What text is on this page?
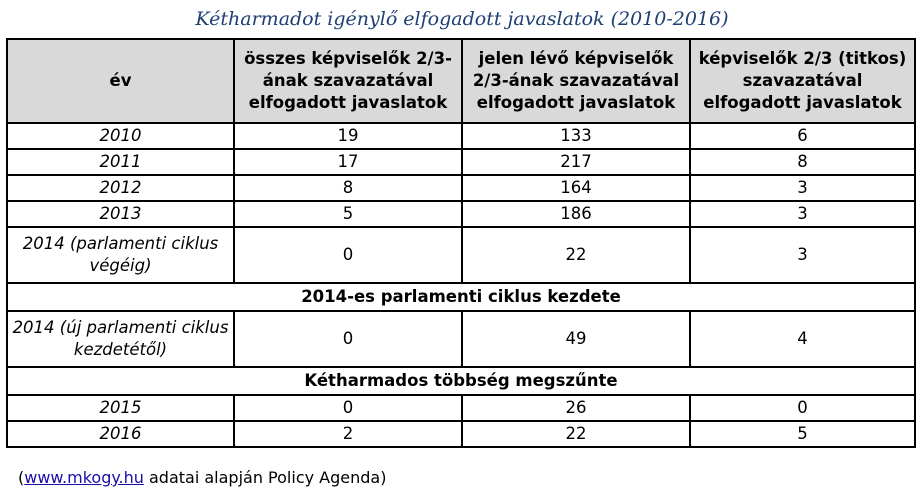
Kétharmadot igénylő elfogadott javaslatok (2010-2016)
év	összes képviselők 2/3-ának szavazatával elfogadott javaslatok	jelen lévő képviselők 2/3-ának szavazatával elfogadott javaslatok	képviselők 2/3 (titkos) szavazatával elfogadott javaslatok
2010	19	133	6
2011	17	217	8
2012	8	164	3
2013	5	186	3
2014 (parlamenti ciklus végéig)	0	22	3
2014-es parlamenti ciklus kezdete			
2014 (új parlamenti ciklus kezdetétől)	0	49	4
Kétharmados többség megszűnte			
2015	0	26	0
2016	2	22	5
(www.mkogy.hu adatai alapján Policy Agenda)
